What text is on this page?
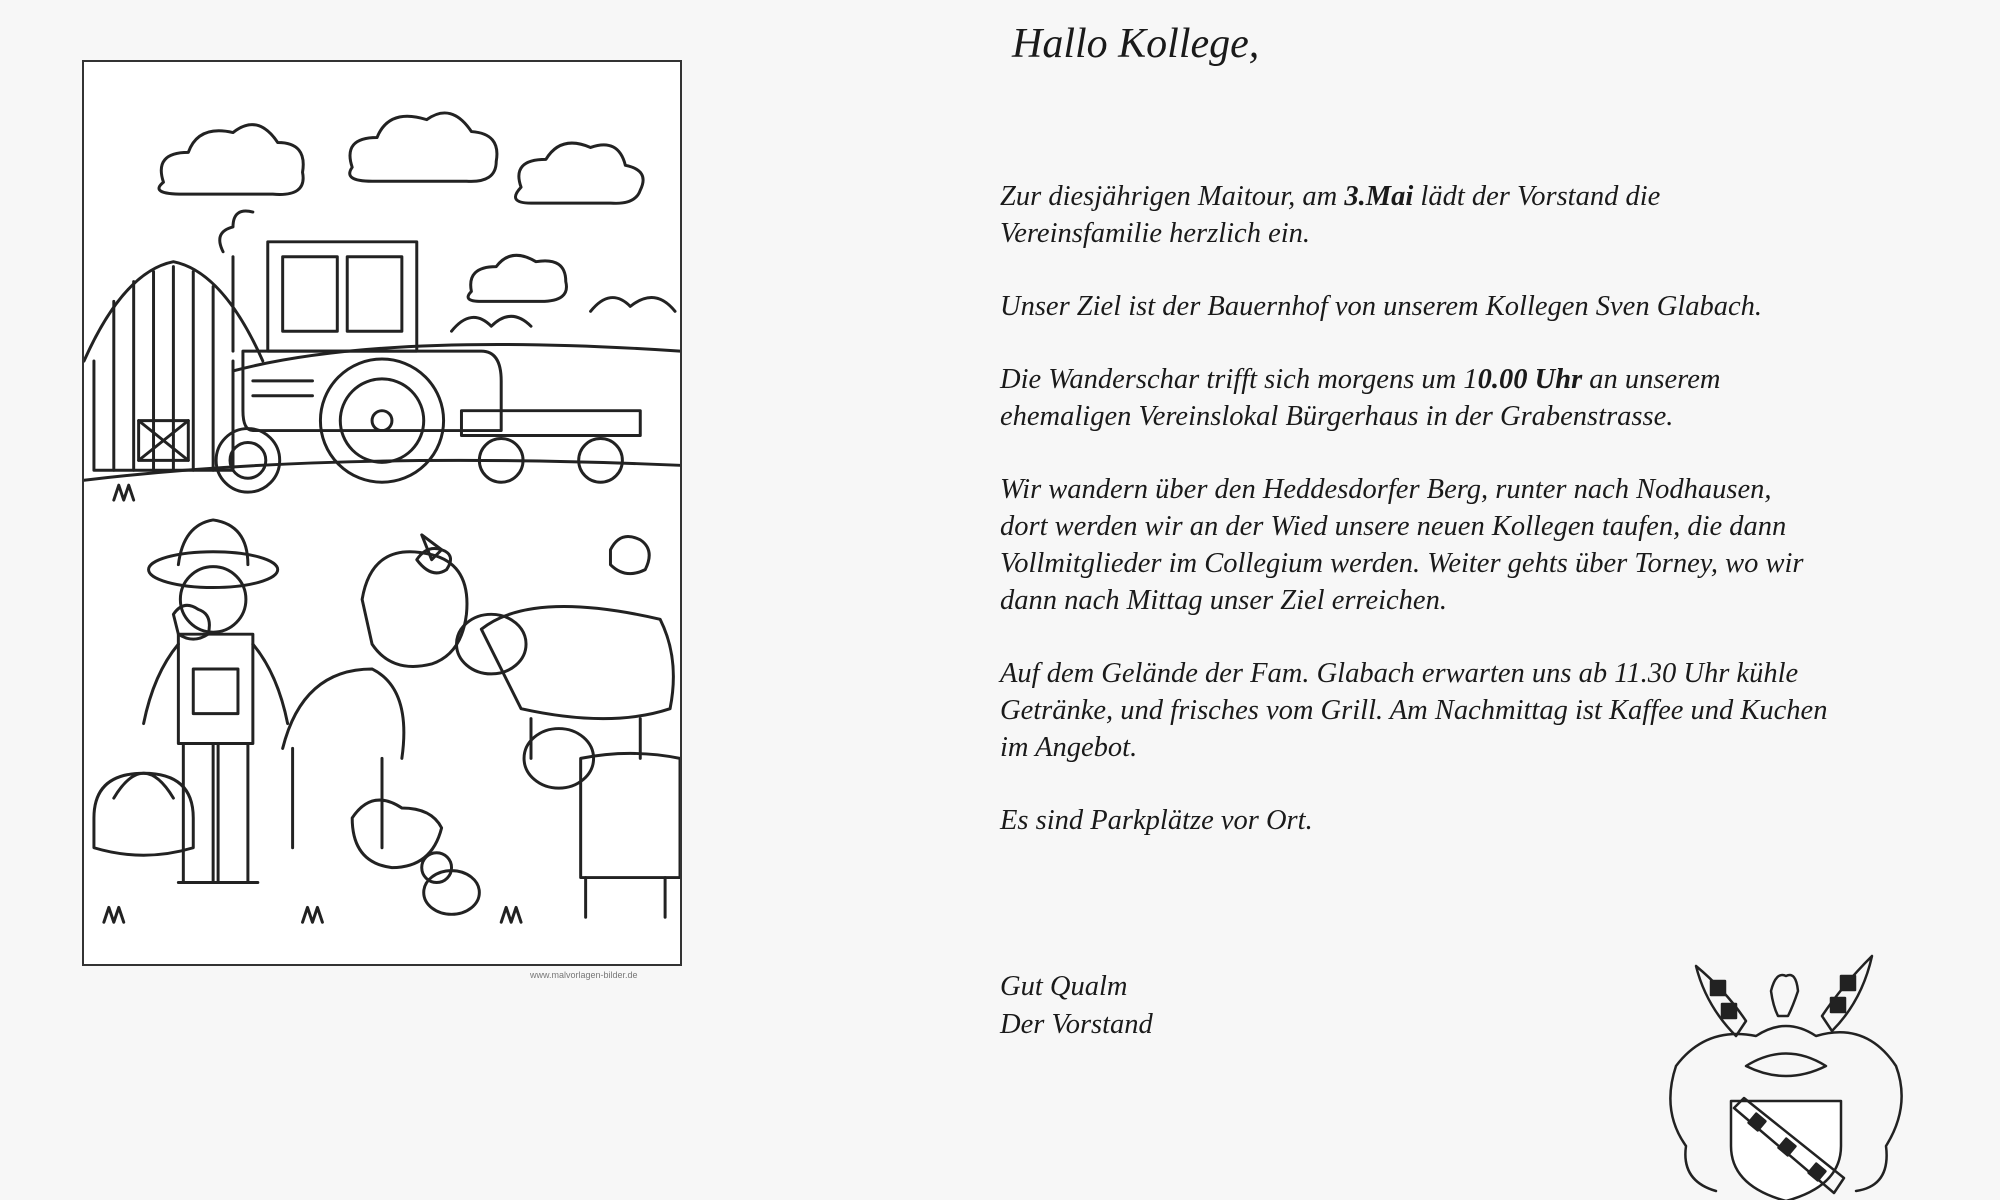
www.malvorlagen-bilder.de
Hallo Kollege,

Zur diesjährigen Maitour, am 3.Mai lädt der Vorstand die
Vereinsfamilie herzlich ein.

Unser Ziel ist der Bauernhof von unserem Kollegen Sven Glabach.

Die Wanderschar trifft sich morgens um 10.00 Uhr an unserem
ehemaligen Vereinslokal Bürgerhaus in der Grabenstrasse.

Wir wandern über den Heddesdorfer Berg, runter nach Nodhausen,
dort werden wir an der Wied unsere neuen Kollegen taufen, die dann
Vollmitglieder im Collegium werden. Weiter gehts über Torney, wo wir
dann nach Mittag unser Ziel erreichen.

Auf dem Gelände der Fam. Glabach erwarten uns ab 11.30 Uhr kühle
Getränke, und frisches vom Grill. Am Nachmittag ist Kaffee und Kuchen
im Angebot.

Es sind Parkplätze vor Ort.

Gut Qualm
Der Vorstand
